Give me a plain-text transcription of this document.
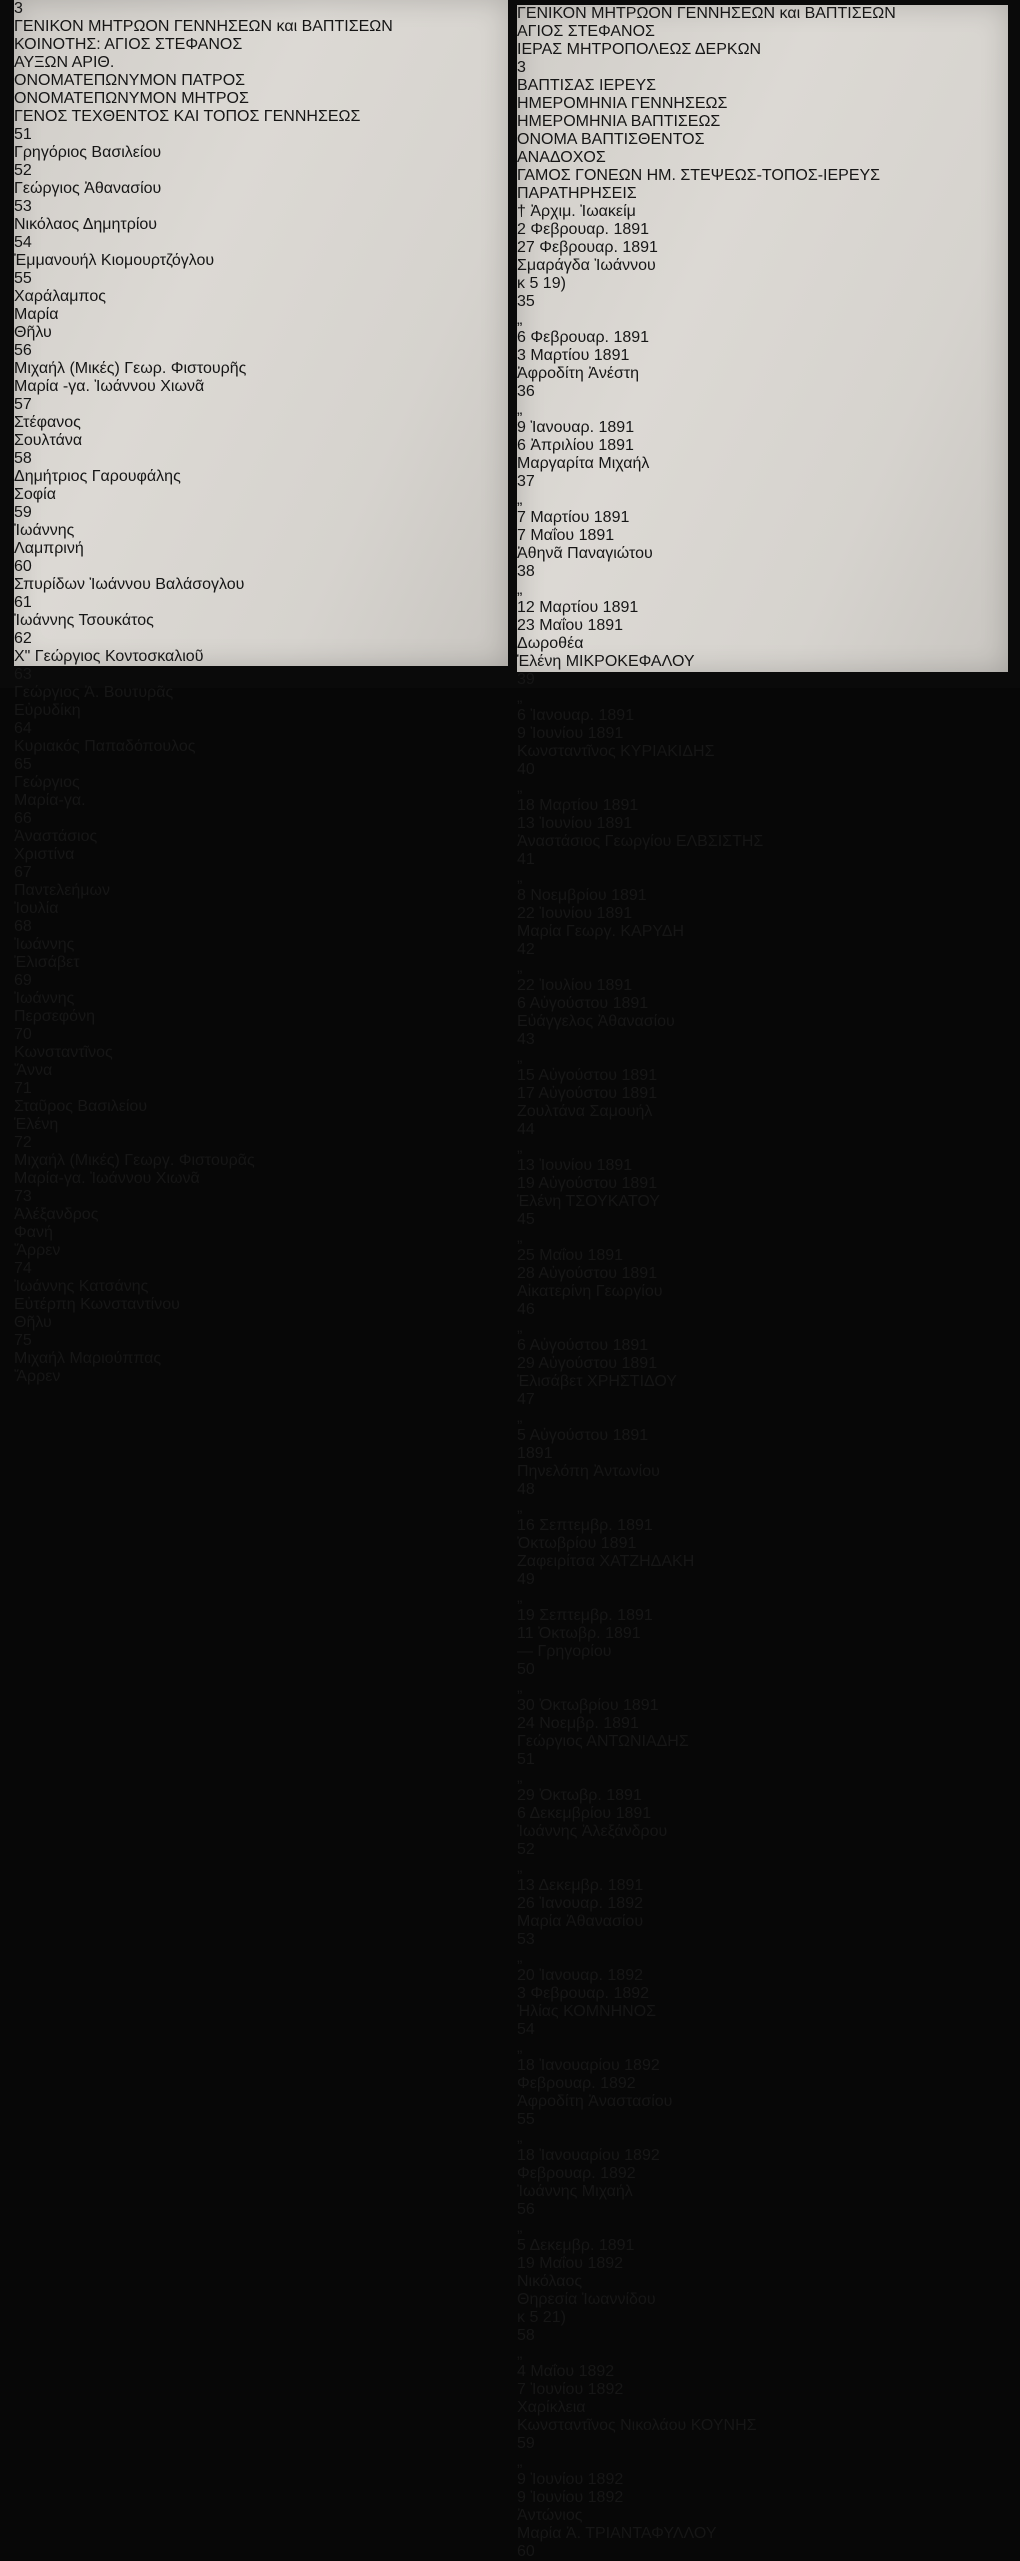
3
ΓΕΝΙΚΟΝ ΜΗΤΡΩΟΝ ΓΕΝΝΗΣΕΩΝ και ΒΑΠΤΙΣΕΩΝ
ΚΟΙΝΟΤΗΣ: ΑΓΙΟΣ ΣΤΕΦΑΝΟΣ
ΑΥΞΩΝ ΑΡΙΘ.
ΟΝΟΜΑΤΕΠΩΝΥΜΟΝ ΠΑΤΡΟΣ
ΟΝΟΜΑΤΕΠΩΝΥΜΟΝ ΜΗΤΡΟΣ
ΓΕΝΟΣ ΤΕΧΘΕΝΤΟΣ ΚΑΙ ΤΟΠΟΣ ΓΕΝΝΗΣΕΩΣ
51
Γρηγόριος Βασιλείου
52
Γεώργιος Ἀθανασίου
53
Νικόλαος Δημητρίου
54
Ἐμμανουήλ Κιομουρτζόγλου
55
Χαράλαμπος
Μαρία
Θῆλυ
56
Μιχαήλ (Μικές) Γεωρ. Φιστουρῆς
Μαρία -γα. Ἰωάννου Χιωνᾶ
57
Στέφανος
Σουλτάνα
58
Δημήτριος Γαρουφάλης
Σοφία
59
Ἰωάννης
Λαμπρινή
60
Σπυρίδων Ἰωάννου Βαλάσογλου
61
Ἰωάννης Τσουκάτος
62
Χ" Γεώργιος Κοντοσκαλιοῦ
63
Γεώργιος Ἀ. Βουτυρᾶς
Εὐρυδίκη
64
Κυριακός Παπαδόπουλος
65
Γεώργιος
Μαρία-γα.
66
Ἀναστάσιος
Χριστίνα
67
Παντελεήμων
Ἰουλία
68
Ἰωάννης
Ἐλισάβετ
69
Ἰωάννης
Περσεφόνη
70
Κωνσταντῖνος
Ἄννα
71
Σταῦρος Βασιλείου
Ἑλένη
72
Μιχαήλ (Μικές) Γεωργ. Φιστουρᾶς
Μαρία-γα. Ἰωάννου Χιωνᾶ
73
Ἀλέξανδρος
Φανή
Ἄρρεν
74
Ἰωάννης Κατσάνης
Εὐτέρπη Κωνσταντίνου
Θῆλυ
75
Μιχαήλ Μαριούππας
Ἄρρεν
ΓΕΝΙΚΟΝ ΜΗΤΡΩΟΝ ΓΕΝΝΗΣΕΩΝ και ΒΑΠΤΙΣΕΩΝ
ΑΓΙΟΣ ΣΤΕΦΑΝΟΣ
ΙΕΡΑΣ ΜΗΤΡΟΠΟΛΕΩΣ ΔΕΡΚΩΝ
3
ΒΑΠΤΙΣΑΣ ΙΕΡΕΥΣ
ΗΜΕΡΟΜΗΝΙΑ ΓΕΝΝΗΣΕΩΣ
ΗΜΕΡΟΜΗΝΙΑ ΒΑΠΤΙΣΕΩΣ
ΟΝΟΜΑ ΒΑΠΤΙΣΘΕΝΤΟΣ
ΑΝΑΔΟΧΟΣ
ΓΑΜΟΣ ΓΟΝΕΩΝ ΗΜ. ΣΤΕΨΕΩΣ-ΤΟΠΟΣ-ΙΕΡΕΥΣ
ΠΑΡΑΤΗΡΗΣΕΙΣ
† Ἀρχιμ. Ἰωακείμ
2 Φεβρουαρ. 1891
27 Φεβρουαρ. 1891
Σμαράγδα Ἰωάννου
κ 5 19)
35
„
6 Φεβρουαρ. 1891
3 Μαρτίου 1891
Ἀφροδίτη Ἀνέστη
36
„
9 Ἰανουαρ. 1891
6 Ἀπριλίου 1891
Μαργαρίτα Μιχαήλ
37
„
7 Μαρτίου 1891
7 Μαΐου 1891
Ἀθηνᾶ Παναγιώτου
38
„
12 Μαρτίου 1891
23 Μαΐου 1891
Δωροθέα
Ἑλένη ΜΙΚΡΟΚΕΦΑΛΟΥ
39
„
6 Ἰανουαρ. 1891
9 Ἰουνίου 1891
Κωνσταντῖνος ΚΥΡΙΑΚΙΔΗΣ
40
„
18 Μαρτίου 1891
13 Ἰουνίου 1891
Ἀναστάσιος Γεωργίου ΕΛΒΣΙΣΤΗΣ
41
„
8 Νοεμβρίου 1891
22 Ἰουνίου 1891
Μαρία Γεωργ. ΚΑΡΥΔΗ
42
„
22 Ἰουλίου 1891
6 Αὐγούστου 1891
Εὐάγγελος Ἀθανασίου
43
„
15 Αὐγούστου 1891
17 Αὐγούστου 1891
Ζουλτάνα Σαμουήλ
44
„
13 Ἰουνίου 1891
19 Αὐγούστου 1891
Ἑλένη ΤΣΟΥΚΑΤΟΥ
45
„
25 Μαΐου 1891
28 Αὐγούστου 1891
Αἰκατερίνη Γεωργίου
46
„
6 Αὐγούστου 1891
29 Αὐγούστου 1891
Ἐλισάβετ ΧΡΗΣΤΙΔΟΥ
47
„
5 Αὐγούστου 1891
1891
Πηνελόπη Ἀντωνίου
48
„
16 Σεπτεμβρ. 1891
Ὀκτωβρίου 1891
Ζαφειρίτσα ΧΑΤΖΗΔΑΚΗ
49
„
19 Σεπτεμβρ. 1891
11 Ὀκτωβρ. 1891
— Γρηγορίου
50
„
30 Ὀκτωβρίου 1891
24 Νοεμβρ. 1891
Γεώργιος ΑΝΤΩΝΙΑΔΗΣ
51
„
29 Ὀκτωβρ. 1891
6 Δεκεμβρίου 1891
Ἰωάννης Ἀλεξάνδρου
52
„
13 Δεκεμβρ. 1891
26 Ἰανουαρ. 1892
Μαρία Ἀθανασίου
53
„
20 Ἰανουαρ. 1892
3 Φεβρουαρ. 1892
Ἠλίας ΚΟΜΝΗΝΟΣ
54
„
18 Ἰανουαρίου 1892
Φεβρουαρ. 1892
Ἀφροδίτη Ἀναστασίου
55
„
18 Ἰανουαρίου 1892
Φεβρουαρ. 1892
Ἰωάννης Μιχαήλ
56
„
5 Δεκεμβρ. 1891
19 Μαΐου 1892
Νικόλαος
Θηρεσία Ἰωαννίδου
κ 5 21)
58
„
4 Μαΐου 1892
7 Ἰουνίου 1892
Χαρίκλεια
Κωνσταντῖνος Νικολάου ΚΟΥΝΗΣ
59
„
9 Ἰουνίου 1892
9 Ἰουνίου 1892
Ἀντώνιος
Μαρία Ἀ. ΤΡΙΑΝΤΑΦΥΛΛΟΥ
60
